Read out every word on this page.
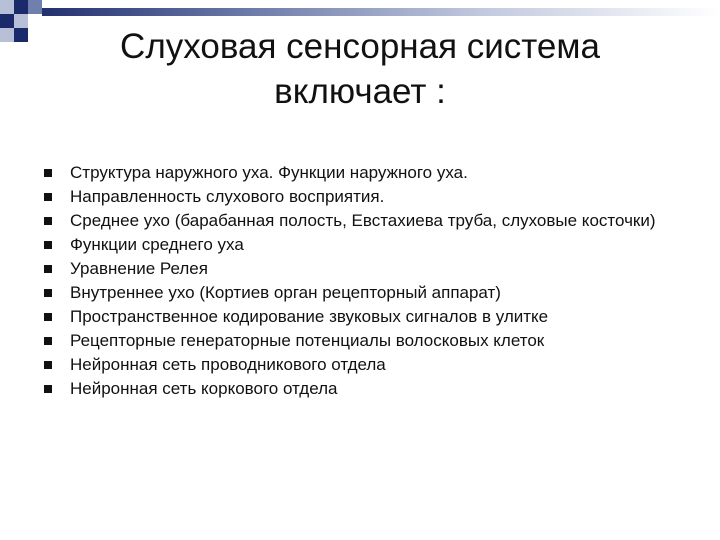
Слуховая сенсорная система
включает :
Структура наружного уха. Функции наружного уха.
Направленность слухового восприятия.
Среднее ухо (барабанная полость, Евстахиева труба, слуховые косточки)
Функции среднего уха
Уравнение Релея
Внутреннее ухо (Кортиев орган рецепторный аппарат)
Пространственное кодирование звуковых сигналов в улитке
Рецепторные генераторные потенциалы волосковых клеток
Нейронная сеть проводникового отдела
Нейронная сеть коркового отдела
